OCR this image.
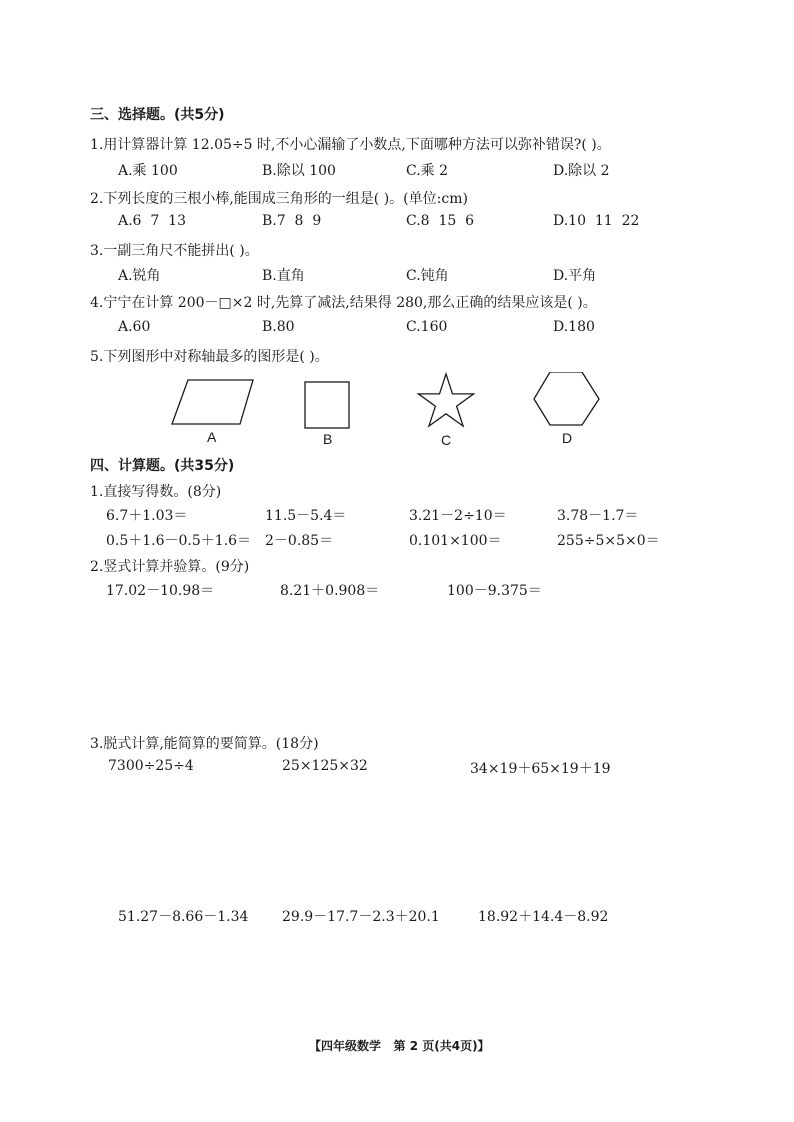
三、选择题。(共5分)
1.用计算器计算 12.05÷5 时,不小心漏输了小数点,下面哪种方法可以弥补错误?( )。
A.乘 100	B.除以 100	C.乘 2	D.除以 2
2.下列长度的三根小棒,能围成三角形的一组是( )。(单位:cm)
A.6  7  13	B.7  8  9	C.8  15  6	D.10  11  22
3.一副三角尺不能拼出( )。
A.锐角	B.直角	C.钝角	D.平角
4.宁宁在计算 200－□×2 时,先算了减法,结果得 280,那么正确的结果应该是( )。
A.60	B.80	C.160	D.180
5.下列图形中对称轴最多的图形是( )。
A	B	C	D
四、计算题。(共35分)
1.直接写得数。(8分)
6.7＋1.03＝	11.5－5.4＝	3.21－2÷10＝	3.78－1.7＝
0.5＋1.6－0.5＋1.6＝ 2－0.85＝	0.101×100＝	255÷5×5×0＝
2.竖式计算并验算。(9分)
17.02－10.98＝	8.21＋0.908＝	100－9.375＝
3.脱式计算,能简算的要简算。(18分)
7300÷25÷4	25×125×32	34×19＋65×19＋19
51.27－8.66－1.34 29.9－17.7－2.3＋20.1	18.92＋14.4－8.92
【四年级数学   第 2 页(共4页)】
